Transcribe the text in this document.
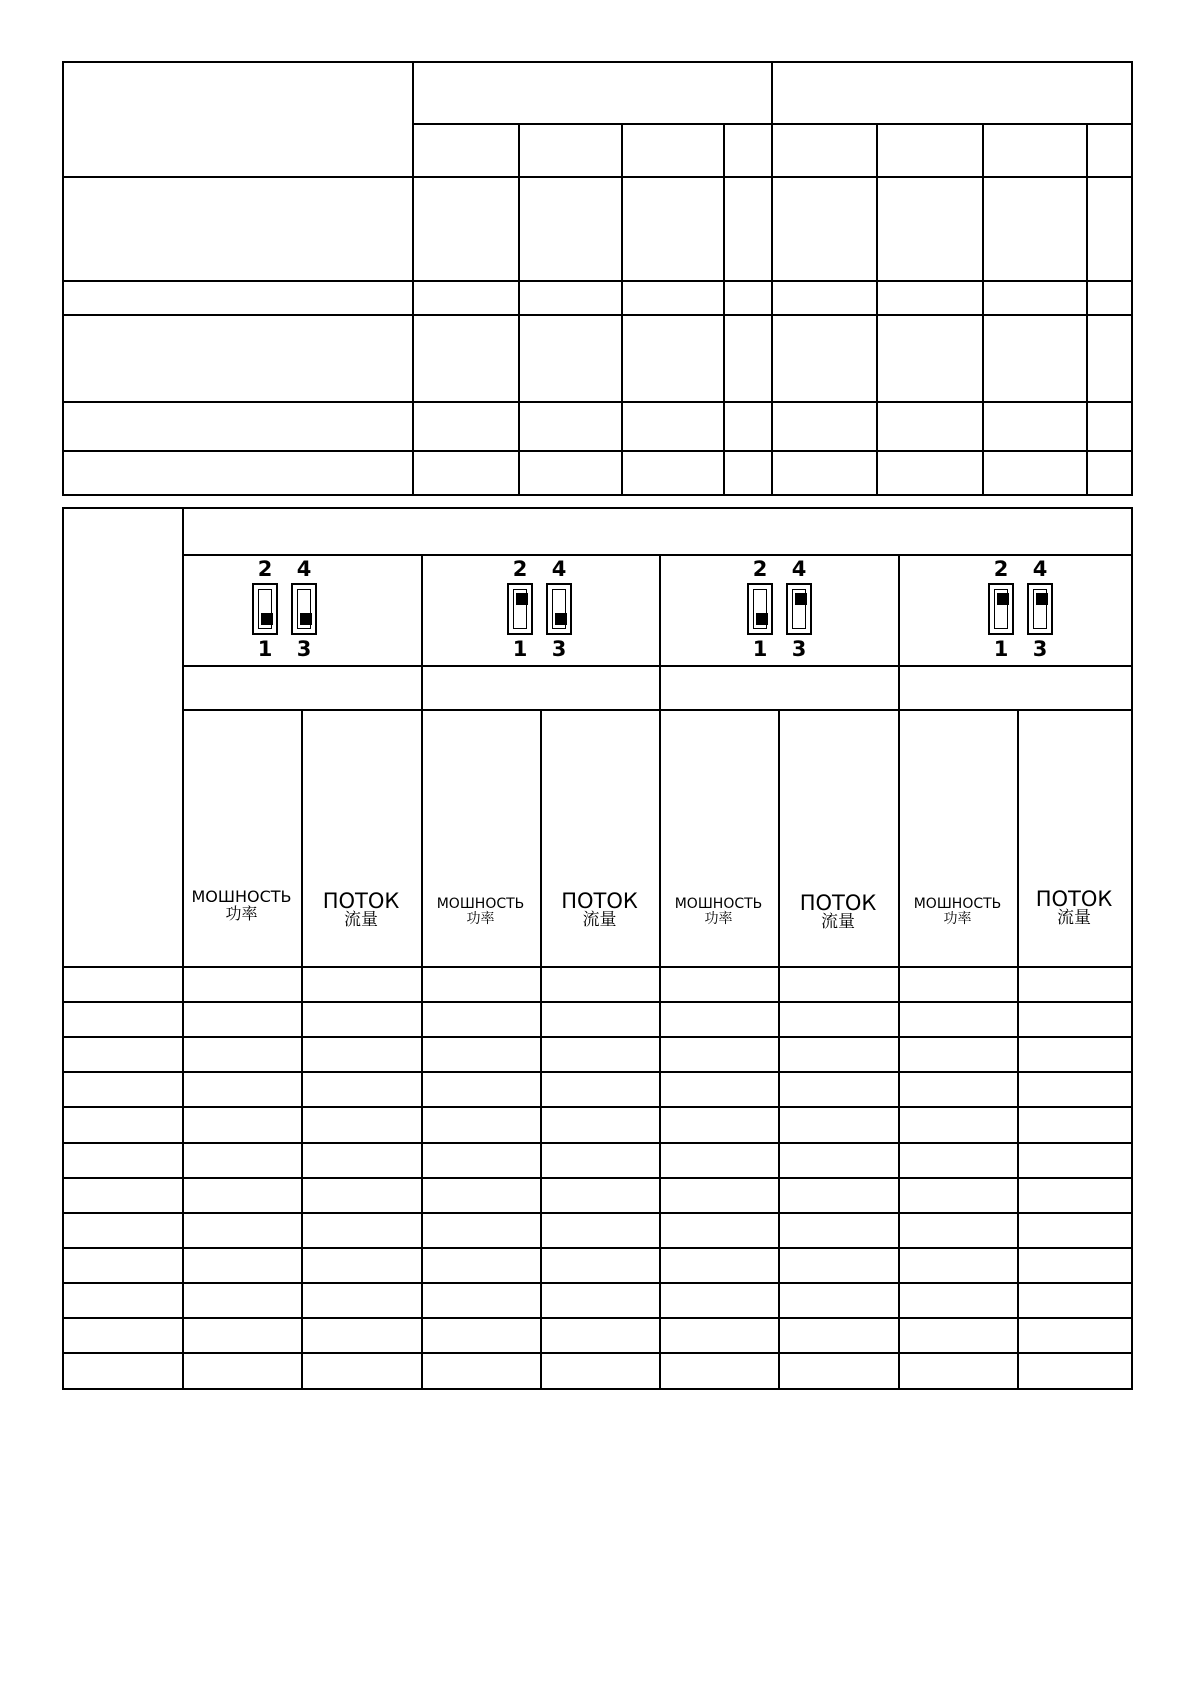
2 4
1 3
2 4
1 3
2 4
1 3
2 4
1 3
МОШНОСТЬ
功率
ПОТОК
流量
МОШНОСТЬ
功率
ПОТОК
流量
МОШНОСТЬ
功率
ПОТОК
流量
МОШНОСТЬ
功率
ПОТОК
流量
